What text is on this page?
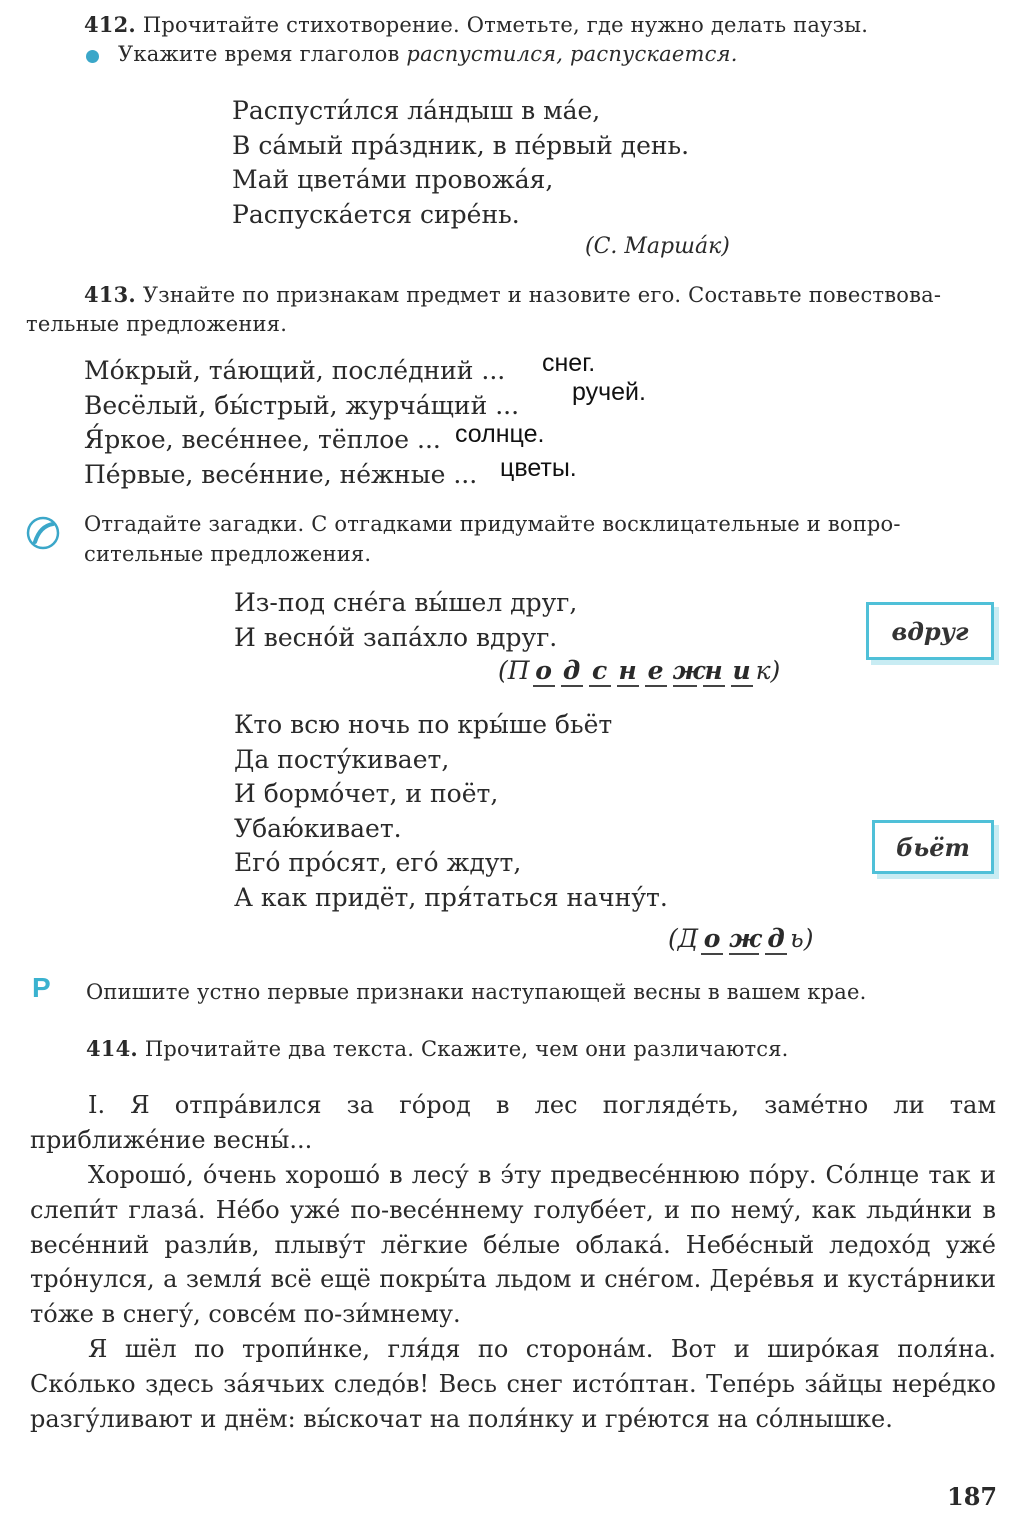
412. Прочитайте стихотворение. Отметьте, где нужно делать паузы.
Укажите время глаголов распустился, распускается.
Распусти́лся ла́ндыш в ма́е,
В са́мый пра́здник, в пе́рвый день.
Май цвета́ми провожа́я,
Распуска́ется сире́нь.
(С. Марша́к)
413. Узнайте по признакам предмет и назовите его. Составьте повествова-
тельные предложения.
Мо́крый, та́ющий, после́дний ...
Весёлый, бы́стрый, журча́щий ...
Я́ркое, весе́ннее, тёплое ...
Пе́рвые, весе́нние, не́жные ...
снег.
ручей.
солнце.
цветы.
Отгадайте загадки. С отгадками придумайте восклицательные и вопро-
сительные предложения.
Из-под сне́га вы́шел друг,
И весно́й запа́хло вдруг.	вдруг
(П о д с н е жн и к)
Кто всю ночь по кры́ше бьёт
Да посту́кивает,
И бормо́чет, и поёт,
Убаю́кивает.
Его́ про́сят, его́ ждут,
А как придёт, пря́таться начну́т.
бьёт
(Д о ж д ь)
P Опишите устно первые признаки наступающей весны в вашем крае.
414. Прочитайте два текста. Скажите, чем они различаются.
I. Я отпра́вился за го́род в лес погляде́ть, заме́тно ли там приближе́ние весны́...
Хорошо́, о́чень хорошо́ в лесу́ в э́ту предвесе́ннюю по́ру. Со́лнце так и слепи́т глаза́. Не́бо уже́ по-весе́ннему голубе́ет, и по нему́, как льди́нки в весе́нний разли́в, плыву́т лёгкие бе́лые облака́. Небе́сный ледохо́д уже́ тро́нулся, а земля́ всё ещё покры́та льдом и сне́гом. Дере́вья и куста́рники то́же в снегу́, совсе́м по-зи́мнему.
Я шёл по тропи́нке, гля́дя по сторона́м. Вот и широ́кая поля́на. Ско́лько здесь за́ячьих следо́в! Весь снег исто́птан. Тепе́рь за́йцы нере́дко разгу́ливают и днём: вы́скочат на поля́нку и гре́ются на со́лнышке.
187
